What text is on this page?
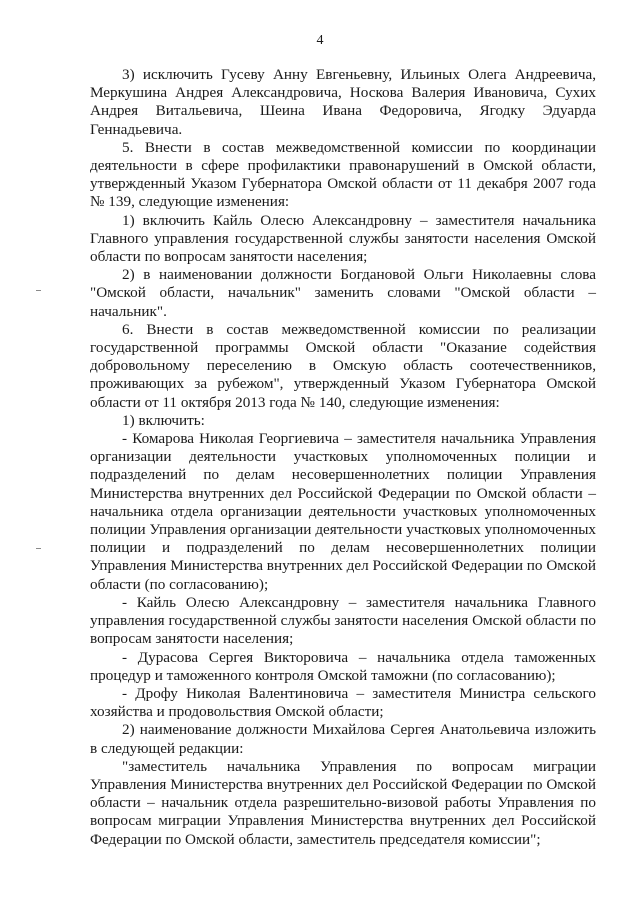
4

3) исключить Гусеву Анну Евгеньевну, Ильиных Олега Андреевича, Меркушина Андрея Александровича, Носкова Валерия Ивановича, Сухих Андрея Витальевича, Шеина Ивана Федоровича, Ягодку Эдуарда Геннадьевича.

5. Внести в состав межведомственной комиссии по координации деятельности в сфере профилактики правонарушений в Омской области, утвержденный Указом Губернатора Омской области от 11 декабря 2007 года № 139, следующие изменения:

1) включить Кайль Олесю Александровну – заместителя начальника Главного управления государственной службы занятости населения Омской области по вопросам занятости населения;

2) в наименовании должности Богдановой Ольги Николаевны слова "Омской области, начальник" заменить словами "Омской области – начальник".

6. Внести в состав межведомственной комиссии по реализации государственной программы Омской области "Оказание содействия добровольному переселению в Омскую область соотечественников, проживающих за рубежом", утвержденный Указом Губернатора Омской области от 11 октября 2013 года № 140, следующие изменения:

1) включить:

- Комарова Николая Георгиевича – заместителя начальника Управления организации деятельности участковых уполномоченных полиции и подразделений по делам несовершеннолетних полиции Управления Министерства внутренних дел Российской Федерации по Омской области – начальника отдела организации деятельности участковых уполномоченных полиции Управления организации деятельности участковых уполномоченных полиции и подразделений по делам несовершеннолетних полиции Управления Министерства внутренних дел Российской Федерации по Омской области (по согласованию);

- Кайль Олесю Александровну – заместителя начальника Главного управления государственной службы занятости населения Омской области по вопросам занятости населения;

- Дурасова Сергея Викторовича – начальника отдела таможенных процедур и таможенного контроля Омской таможни (по согласованию);

- Дрофу Николая Валентиновича – заместителя Министра сельского хозяйства и продовольствия Омской области;

2) наименование должности Михайлова Сергея Анатольевича изложить в следующей редакции:

"заместитель начальника Управления по вопросам миграции Управления Министерства внутренних дел Российской Федерации по Омской области – начальник отдела разрешительно-визовой работы Управления по вопросам миграции Управления Министерства внутренних дел Российской Федерации по Омской области, заместитель председателя комиссии";
